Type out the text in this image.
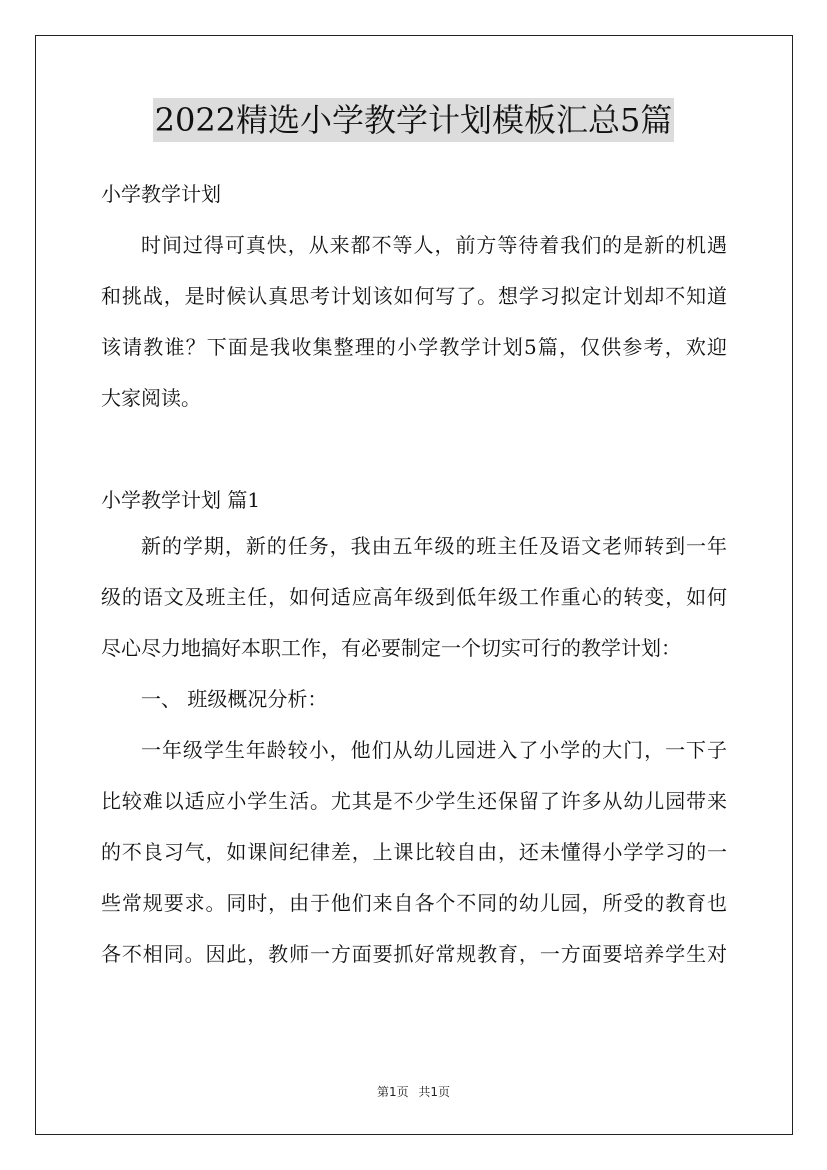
2022精选小学教学计划模板汇总5篇
小学教学计划
时间过得可真快，从来都不等人，前方等待着我们的是新的机遇
和挑战，是时候认真思考计划该如何写了。想学习拟定计划却不知道
该请教谁？下面是我收集整理的小学教学计划5篇，仅供参考，欢迎
大家阅读。
小学教学计划 篇1
新的学期，新的任务，我由五年级的班主任及语文老师转到一年
级的语文及班主任，如何适应高年级到低年级工作重心的转变，如何
尽心尽力地搞好本职工作，有必要制定一个切实可行的教学计划：
一、 班级概况分析：
一年级学生年龄较小，他们从幼儿园进入了小学的大门，一下子
比较难以适应小学生活。尤其是不少学生还保留了许多从幼儿园带来
的不良习气，如课间纪律差，上课比较自由，还未懂得小学学习的一
些常规要求。同时，由于他们来自各个不同的幼儿园，所受的教育也
各不相同。因此，教师一方面要抓好常规教育，一方面要培养学生对
第1页 共1页
